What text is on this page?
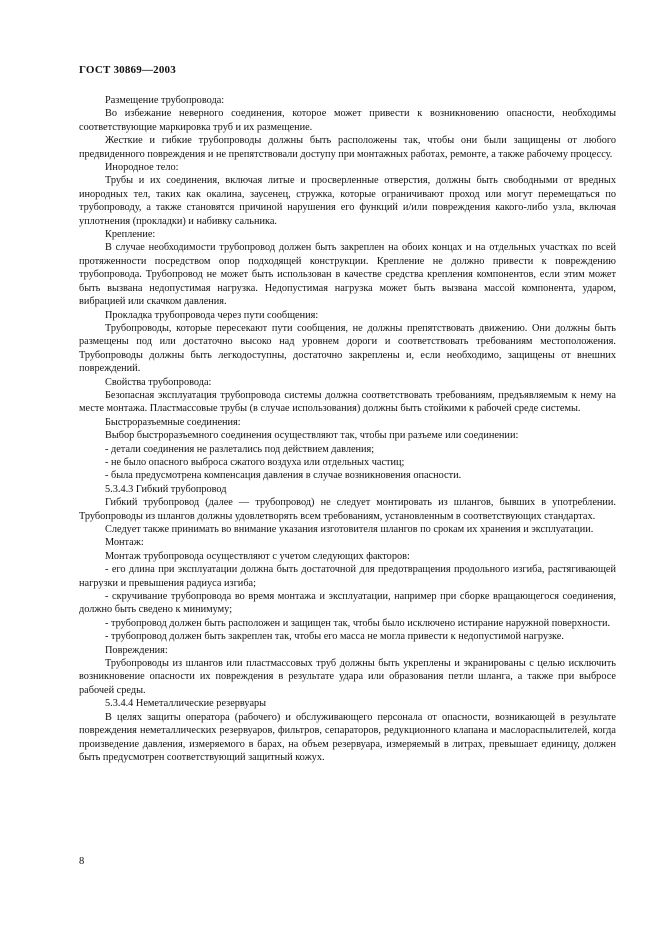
ГОСТ 30869—2003

Размещение трубопровода:

Во избежание неверного соединения, которое может привести к возникновению опасности, необходимы соответствующие маркировка труб и их размещение.

Жесткие и гибкие трубопроводы должны быть расположены так, чтобы они были защищены от любого предвиденного повреждения и не препятствовали доступу при монтажных работах, ремонте, а также рабочему процессу.

Инородное тело:

Трубы и их соединения, включая литые и просверленные отверстия, должны быть свободными от вредных инородных тел, таких как окалина, заусенец, стружка, которые ограничивают проход или могут перемещаться по трубопроводу, а также становятся причиной нарушения его функций и/или повреждения какого-либо узла, включая уплотнения (прокладки) и набивку сальника.

Крепление:

В случае необходимости трубопровод должен быть закреплен на обоих концах и на отдельных участках по всей протяженности посредством опор подходящей конструкции. Крепление не должно привести к повреждению трубопровода. Трубопровод не может быть использован в качестве средства крепления компонентов, если этим может быть вызвана недопустимая нагрузка. Недопустимая нагрузка может быть вызвана массой компонента, ударом, вибрацией или скачком давления.

Прокладка трубопровода через пути сообщения:

Трубопроводы, которые пересекают пути сообщения, не должны препятствовать движению. Они должны быть размещены под или достаточно высоко над уровнем дороги и соответствовать требованиям местоположения. Трубопроводы должны быть легкодоступны, достаточно закреплены и, если необходимо, защищены от внешних повреждений.

Свойства трубопровода:

Безопасная эксплуатация трубопровода системы должна соответствовать требованиям, предъявляемым к нему на месте монтажа. Пластмассовые трубы (в случае использования) должны быть стойкими к рабочей среде системы.

Быстроразъемные соединения:

Выбор быстроразъемного соединения осуществляют так, чтобы при разъеме или соединении:

- детали соединения не разлетались под действием давления;

- не было опасного выброса сжатого воздуха или отдельных частиц;

- была предусмотрена компенсация давления в случае возникновения опасности.

5.3.4.3 Гибкий трубопровод

Гибкий трубопровод (далее — трубопровод) не следует монтировать из шлангов, бывших в употреблении. Трубопроводы из шлангов должны удовлетворять всем требованиям, установленным в соответствующих стандартах.

Следует также принимать во внимание указания изготовителя шлангов по срокам их хранения и эксплуатации.

Монтаж:

Монтаж трубопровода осуществляют с учетом следующих факторов:

- его длина при эксплуатации должна быть достаточной для предотвращения продольного изгиба, растягивающей нагрузки и превышения радиуса изгиба;

- скручивание трубопровода во время монтажа и эксплуатации, например при сборке вращающегося соединения, должно быть сведено к минимуму;

- трубопровод должен быть расположен и защищен так, чтобы было исключено истирание наружной поверхности.

- трубопровод должен быть закреплен так, чтобы его масса не могла привести к недопустимой нагрузке.

Повреждения:

Трубопроводы из шлангов или пластмассовых труб должны быть укреплены и экранированы с целью исключить возникновение опасности их повреждения в результате удара или образования петли шланга, а также при выбросе рабочей среды.

5.3.4.4 Неметаллические резервуары

В целях защиты оператора (рабочего) и обслуживающего персонала от опасности, возникающей в результате повреждения неметаллических резервуаров, фильтров, сепараторов, редукционного клапана и маслораспылителей, когда произведение давления, измеряемого в барах, на объем резервуара, измеряемый в литрах, превышает единицу, должен быть предусмотрен соответствующий защитный кожух.

8
